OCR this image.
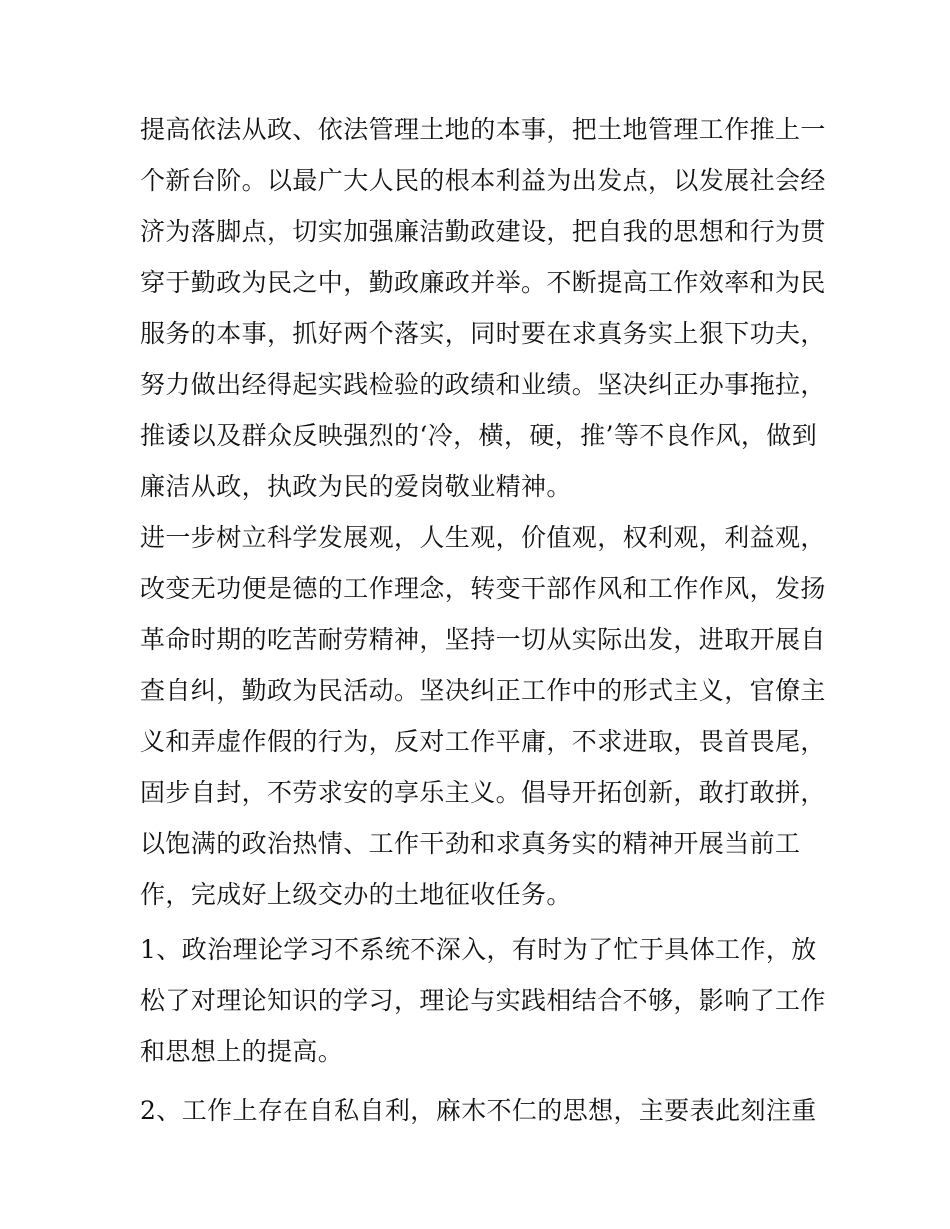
提高依法从政、依法管理土地的本事，把土地管理工作推上一
个新台阶。以最广大人民的根本利益为出发点，以发展社会经
济为落脚点，切实加强廉洁勤政建设，把自我的思想和行为贯
穿于勤政为民之中，勤政廉政并举。不断提高工作效率和为民
服务的本事，抓好两个落实，同时要在求真务实上狠下功夫，
努力做出经得起实践检验的政绩和业绩。坚决纠正办事拖拉，
推诿以及群众反映强烈的‘冷，横，硬，推’等不良作风，做到
廉洁从政，执政为民的爱岗敬业精神。
进一步树立科学发展观，人生观，价值观，权利观，利益观，
改变无功便是德的工作理念，转变干部作风和工作作风，发扬
革命时期的吃苦耐劳精神，坚持一切从实际出发，进取开展自
查自纠，勤政为民活动。坚决纠正工作中的形式主义，官僚主
义和弄虚作假的行为，反对工作平庸，不求进取，畏首畏尾，
固步自封，不劳求安的享乐主义。倡导开拓创新，敢打敢拼，
以饱满的政治热情、工作干劲和求真务实的精神开展当前工
作，完成好上级交办的土地征收任务。
1、政治理论学习不系统不深入，有时为了忙于具体工作，放
松了对理论知识的学习，理论与实践相结合不够，影响了工作
和思想上的提高。
2、工作上存在自私自利，麻木不仁的思想，主要表此刻注重
